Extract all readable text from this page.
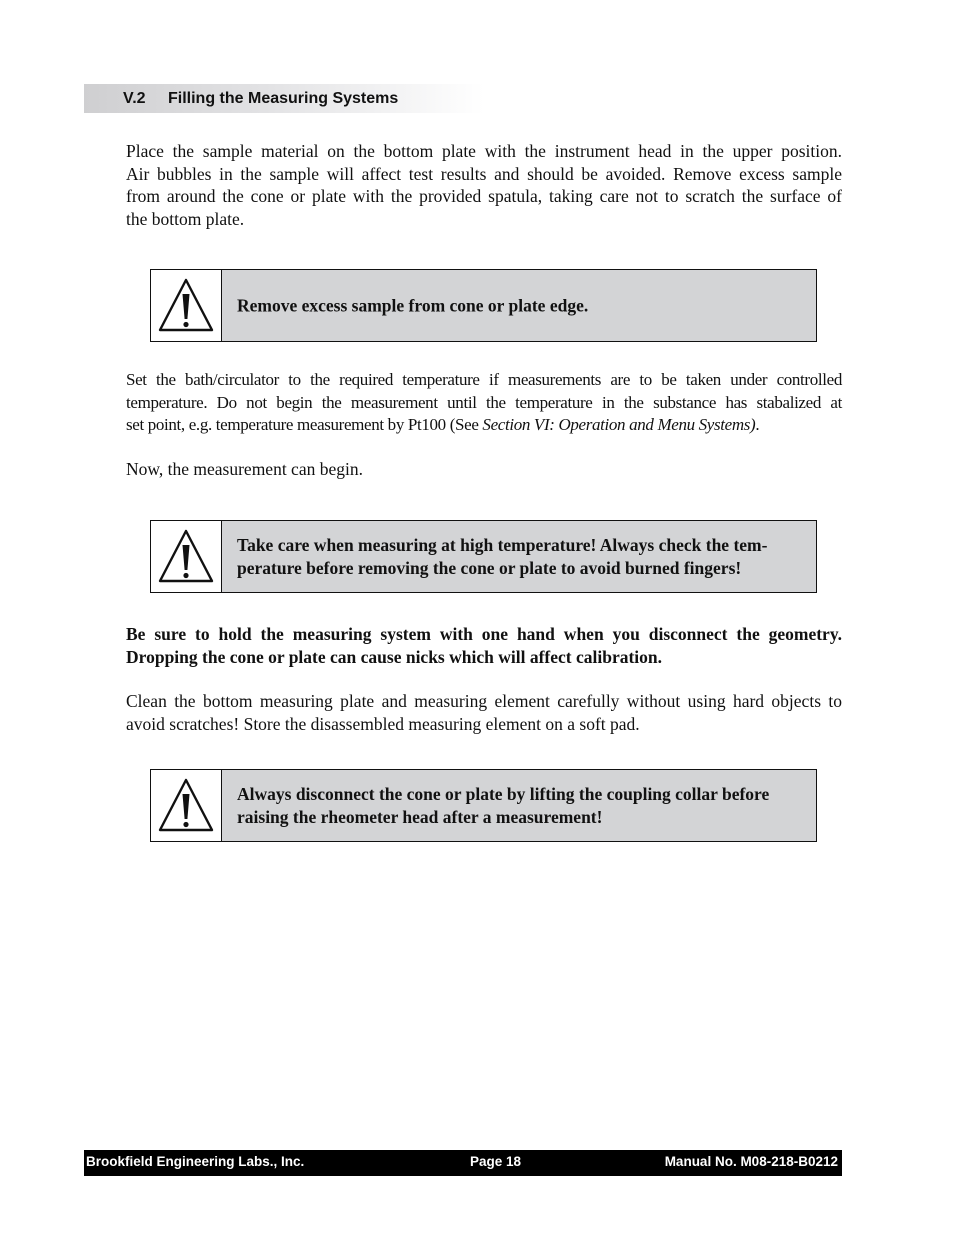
V.2 Filling the Measuring Systems
Place the sample material on the bottom plate with the instrument head in the upper position.
Air bubbles in the sample will affect test results and should be avoided. Remove excess sample
from around the cone or plate with the provided spatula, taking care not to scratch the surface of
the bottom plate.

Remove excess sample from cone or plate edge.

Set the bath/circulator to the required temperature if measurements are to be taken under controlled
temperature. Do not begin the measurement until the temperature in the substance has stabalized at
set point, e.g. temperature measurement by Pt100 (See Section VI: Operation and Menu Systems).
Now, the measurement can begin.

Take care when measuring at high temperature! Always check the tem-
perature before removing the cone or plate to avoid burned fingers!

Be sure to hold the measuring system with one hand when you disconnect the geometry.
Dropping the cone or plate can cause nicks which will affect calibration.
Clean the bottom measuring plate and measuring element carefully without using hard objects to
avoid scratches! Store the disassembled measuring element on a soft pad.

Always disconnect the cone or plate by lifting the coupling collar before
raising the rheometer head after a measurement!

Brookfield Engineering Labs., Inc.	Page 18	Manual No. M08-218-B0212
